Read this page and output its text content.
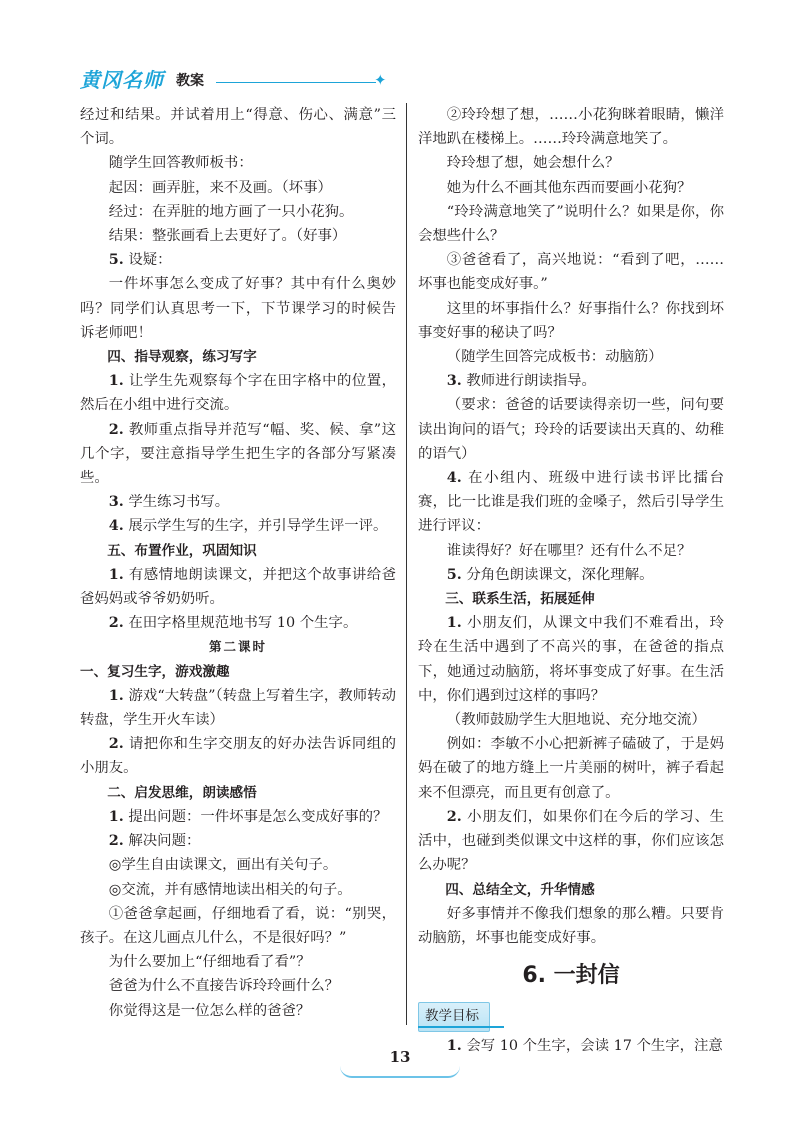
黄冈名师 教案	✦

经过和结果。并试着用上“得意、伤心、满意”三个词。

随学生回答教师板书：

起因：画弄脏，来不及画。（坏事）

经过：在弄脏的地方画了一只小花狗。

结果：整张画看上去更好了。（好事）

5. 设疑：

一件坏事怎么变成了好事？其中有什么奥妙吗？同学们认真思考一下，下节课学习的时候告诉老师吧！

四、指导观察，练习写字

1. 让学生先观察每个字在田字格中的位置，然后在小组中进行交流。

2. 教师重点指导并范写“幅、奖、候、拿”这几个字，要注意指导学生把生字的各部分写紧凑些。

3. 学生练习书写。

4. 展示学生写的生字，并引导学生评一评。

五、布置作业，巩固知识

1. 有感情地朗读课文，并把这个故事讲给爸爸妈妈或爷爷奶奶听。

2. 在田字格里规范地书写 10 个生字。

第二课时

一、复习生字，游戏激趣

1. 游戏“大转盘”（转盘上写着生字，教师转动转盘，学生开火车读）

2. 请把你和生字交朋友的好办法告诉同组的小朋友。

二、启发思维，朗读感悟

1. 提出问题：一件坏事是怎么变成好事的？

2. 解决问题：

◎学生自由读课文，画出有关句子。

◎交流，并有感情地读出相关的句子。

①爸爸拿起画，仔细地看了看，说：“别哭，孩子。在这儿画点儿什么，不是很好吗？”

为什么要加上“仔细地看了看”？

爸爸为什么不直接告诉玲玲画什么？

你觉得这是一位怎么样的爸爸？

②玲玲想了想，……小花狗眯着眼睛，懒洋洋地趴在楼梯上。……玲玲满意地笑了。

玲玲想了想，她会想什么？

她为什么不画其他东西而要画小花狗？

“玲玲满意地笑了”说明什么？如果是你，你会想些什么？

③爸爸看了，高兴地说：“看到了吧，……坏事也能变成好事。”

这里的坏事指什么？好事指什么？你找到坏事变好事的秘诀了吗？

（随学生回答完成板书：动脑筋）

3. 教师进行朗读指导。

（要求：爸爸的话要读得亲切一些，问句要读出询问的语气；玲玲的话要读出天真的、幼稚的语气）

4. 在小组内、班级中进行读书评比擂台赛，比一比谁是我们班的金嗓子，然后引导学生进行评议：

谁读得好？好在哪里？还有什么不足？

5. 分角色朗读课文，深化理解。

三、联系生活，拓展延伸

1. 小朋友们，从课文中我们不难看出，玲玲在生活中遇到了不高兴的事，在爸爸的指点下，她通过动脑筋，将坏事变成了好事。在生活中，你们遇到过这样的事吗？

（教师鼓励学生大胆地说、充分地交流）

例如：李敏不小心把新裤子磕破了，于是妈妈在破了的地方缝上一片美丽的树叶，裤子看起来不但漂亮，而且更有创意了。

2. 小朋友们，如果你们在今后的学习、生活中，也碰到类似课文中这样的事，你们应该怎么办呢？

四、总结全文，升华情感

好多事情并不像我们想象的那么糟。只要肯动脑筋，坏事也能变成好事。

6. 一封信

教学目标

1. 会写 10 个生字，会读 17 个生字，注意

13
